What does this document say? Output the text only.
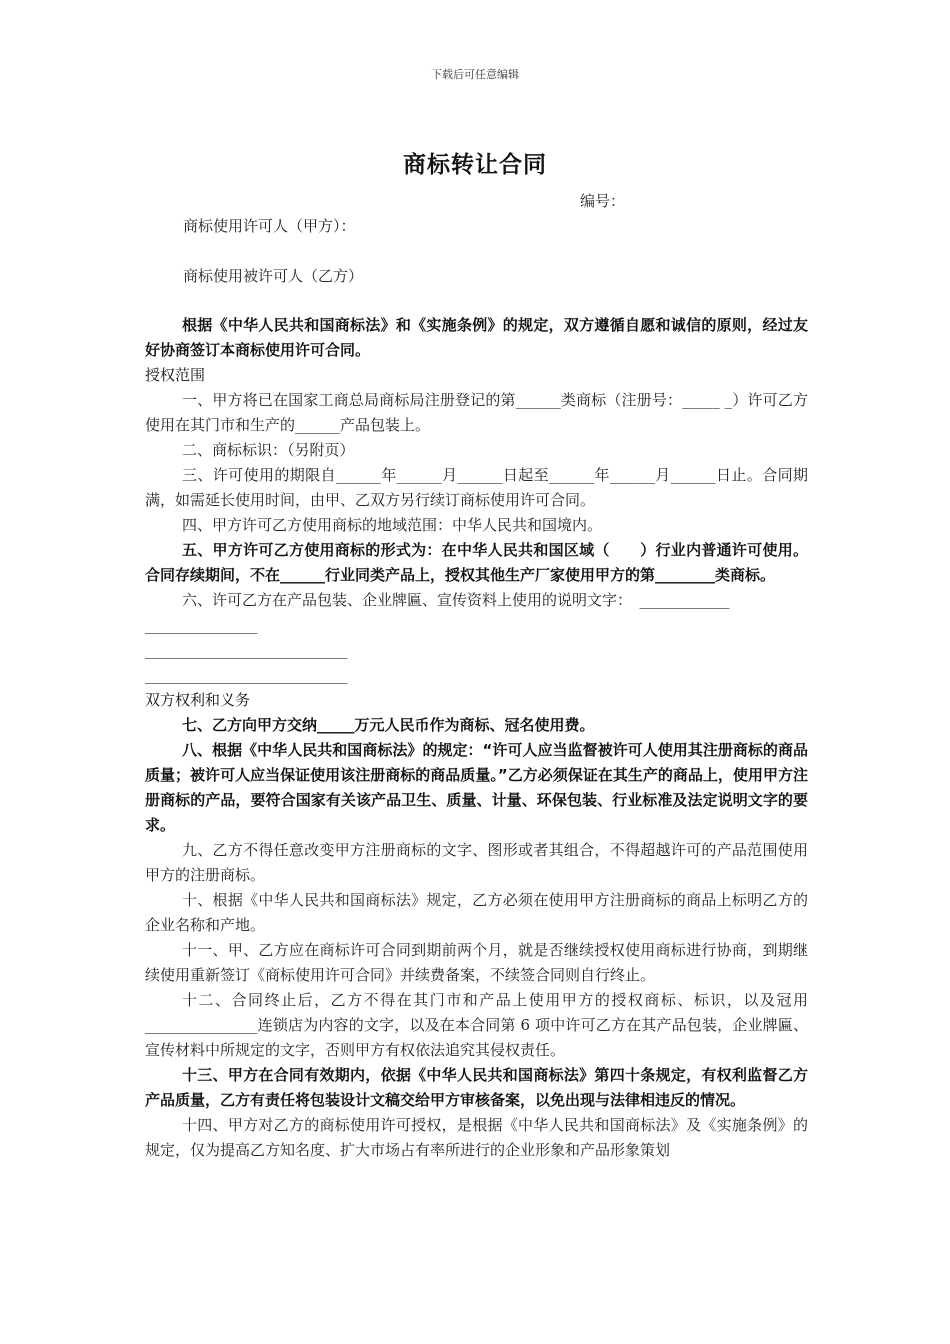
下载后可任意编辑
商标转让合同
编号：
商标使用许可人（甲方）：
商标使用被许可人（乙方）

根据《中华人民共和国商标法》和《实施条例》的规定，双方遵循自愿和诚信的原则，经过友好协商签订本商标使用许可合同。

授权范围

一、甲方将已在国家工商总局商标局注册登记的第______类商标（注册号：_____ _）许可乙方使用在其门市和生产的______产品包装上。

二、商标标识：（另附页）

三、许可使用的期限自______年______月______日起至______年______月______日止。合同期满，如需延长使用时间，由甲、乙双方另行续订商标使用许可合同。

四、甲方许可乙方使用商标的地域范围：中华人民共和国境内。

五、甲方许可乙方使用商标的形式为：在中华人民共和国区域（　　）行业内普通许可使用。合同存续期间，不在______行业同类产品上，授权其他生产厂家使用甲方的第________类商标。

六、许可乙方在产品包装、企业牌匾、宣传资料上使用的说明文字：　____________

_______________

___________________________

___________________________

双方权利和义务

七、乙方向甲方交纳_____万元人民币作为商标、冠名使用费。

八、根据《中华人民共和国商标法》的规定：“许可人应当监督被许可人使用其注册商标的商品质量；被许可人应当保证使用该注册商标的商品质量。”乙方必须保证在其生产的商品上，使用甲方注册商标的产品，要符合国家有关该产品卫生、质量、计量、环保包装、行业标准及法定说明文字的要求。

九、乙方不得任意改变甲方注册商标的文字、图形或者其组合，不得超越许可的产品范围使用甲方的注册商标。

十、根据《中华人民共和国商标法》规定，乙方必须在使用甲方注册商标的商品上标明乙方的企业名称和产地。

十一、甲、乙方应在商标许可合同到期前两个月，就是否继续授权使用商标进行协商，到期继续使用重新签订《商标使用许可合同》并续费备案，不续签合同则自行终止。

十二、合同终止后，乙方不得在其门市和产品上使用甲方的授权商标、标识，以及冠用_______________连锁店为内容的文字，以及在本合同第 6 项中许可乙方在其产品包装，企业牌匾、宣传材料中所规定的文字，否则甲方有权依法追究其侵权责任。

十三、甲方在合同有效期内，依据《中华人民共和国商标法》第四十条规定，有权利监督乙方产品质量，乙方有责任将包装设计文稿交给甲方审核备案，以免出现与法律相违反的情况。

十四、甲方对乙方的商标使用许可授权，是根据《中华人民共和国商标法》及《实施条例》的规定，仅为提高乙方知名度、扩大市场占有率所进行的企业形象和产品形象策划
